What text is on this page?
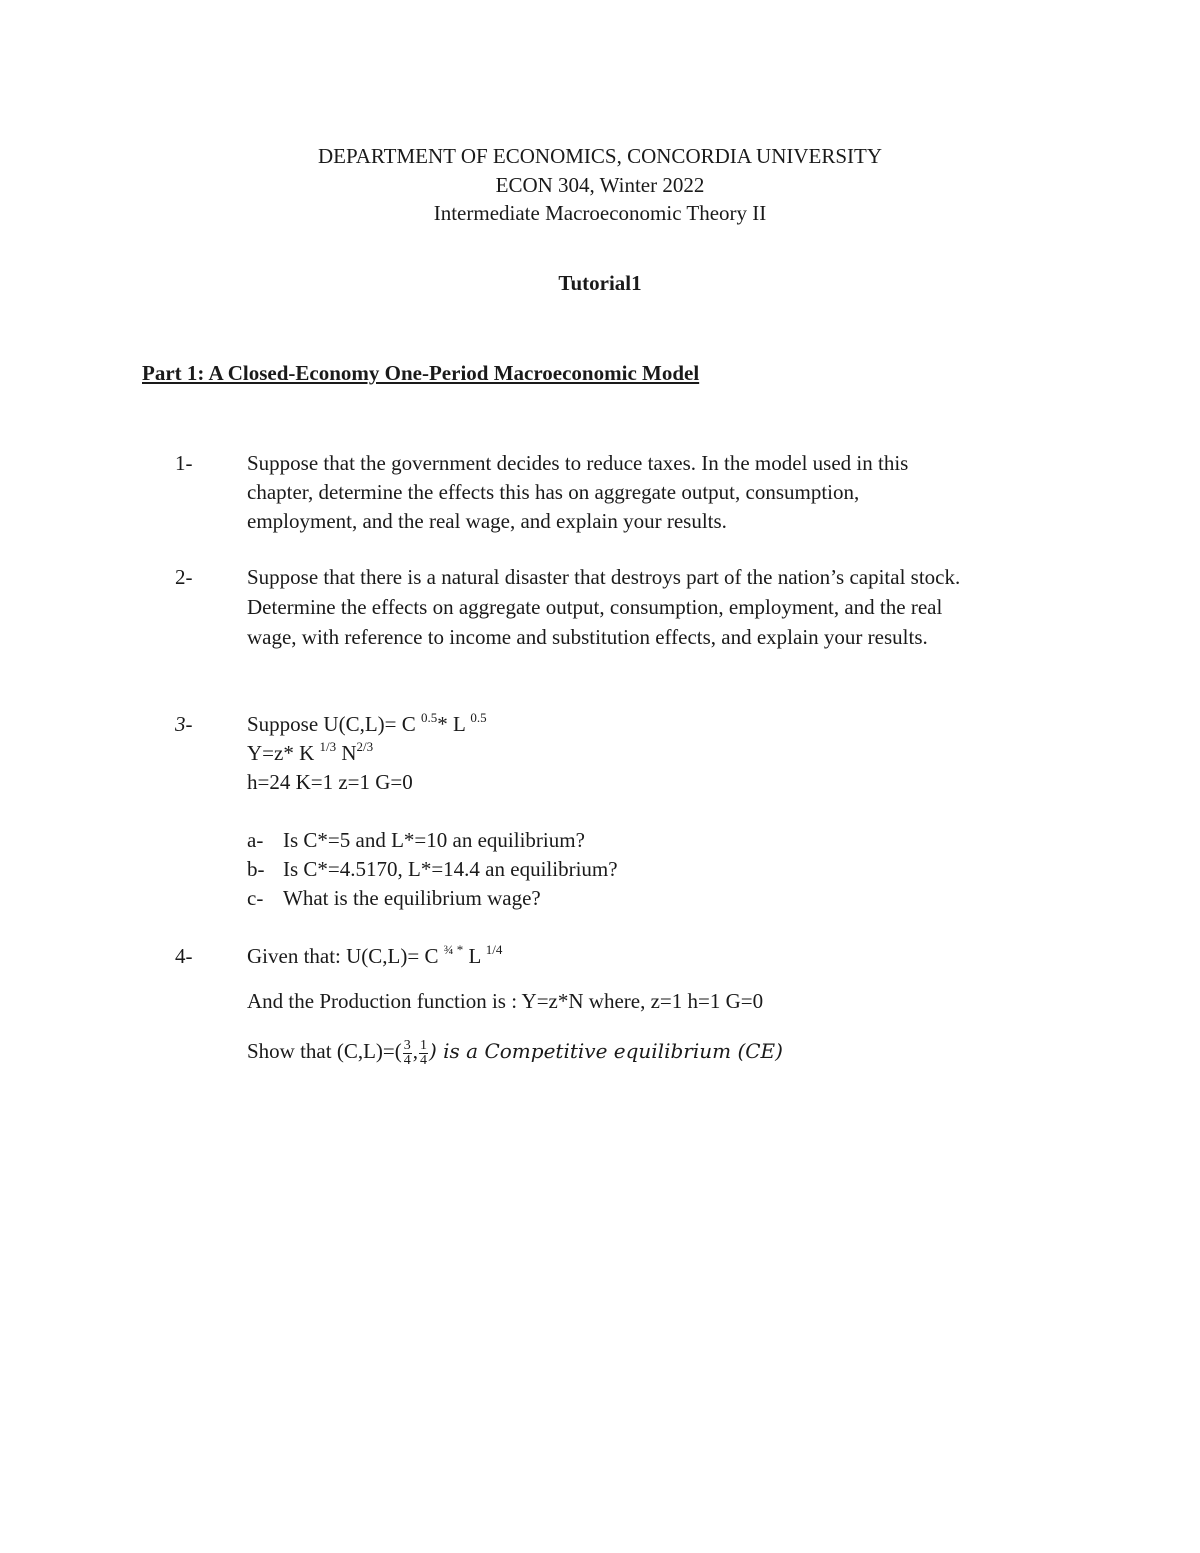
DEPARTMENT OF ECONOMICS, CONCORDIA UNIVERSITY
ECON 304, Winter 2022
Intermediate Macroeconomic Theory II
Tutorial1
Part 1: A Closed-Economy One-Period Macroeconomic Model
1-	Suppose that the government decides to reduce taxes. In the model used in this
chapter, determine the effects this has on aggregate output, consumption,
employment, and the real wage, and explain your results.
2-	Suppose that there is a natural disaster that destroys part of the nation’s capital stock.
Determine the effects on aggregate output, consumption, employment, and the real
wage, with reference to income and substitution effects, and explain your results.
3-	Suppose U(C,L)= C $^{0.5}$* L $^{0.5}$
Y=z* K $^{1/3}$ $N^{2/3}$
h=24 K=1 z=1 G=0
a- Is C*=5 and L*=10 an equilibrium?
b- Is C*=4.5170, L*=14.4 an equilibrium?
c- What is the equilibrium wage?
4-	Given that: U(C,L)= C $^{\frac{3}{4} *}$ L $^{1/4}$
And the Production function is : Y=z*N where, z=1 h=1 G=0
Show that $(C,L)=( \frac{3}{4}$ , $\frac{1}{4}$ ) is a Competitive equilibrium (CE)
